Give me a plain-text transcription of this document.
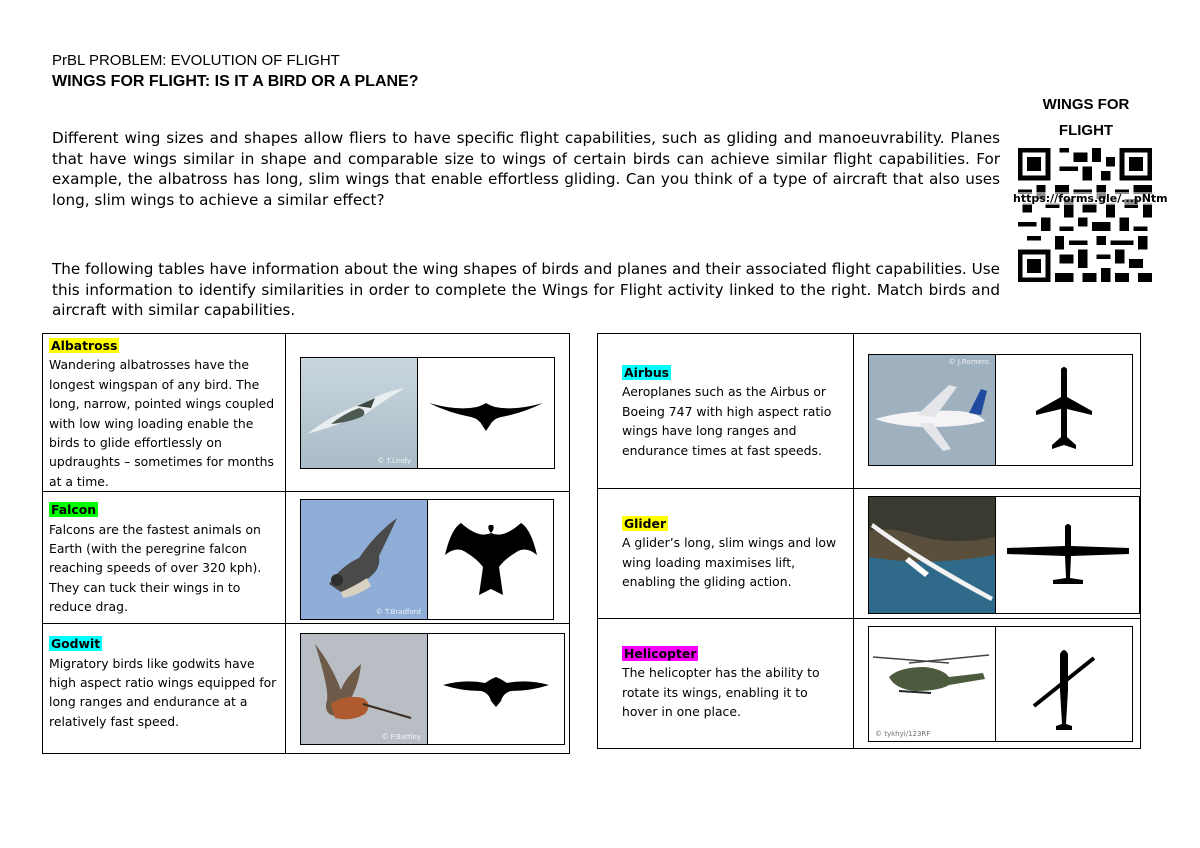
PrBL PROBLEM: EVOLUTION OF FLIGHT
WINGS FOR FLIGHT: IS IT A BIRD OR A PLANE?
Different wing sizes and shapes allow fliers to have specific flight capabilities, such as gliding and manoeuvrability. Planes that have wings similar in shape and comparable size to wings of certain birds can achieve similar flight capabilities. For example, the albatross has long, slim wings that enable effortless gliding. Can you think of a type of aircraft that also uses long, slim wings to achieve a similar effect?
The following tables have information about the wing shapes of birds and planes and their associated flight capabilities. Use this information to identify similarities in order to complete the Wings for Flight activity linked to the right. Match birds and aircraft with similar capabilities.
WINGS FOR FLIGHT
https://forms.gle/...pNtm
Albatross
Wandering albatrosses have the longest wingspan of any bird. The long, narrow, pointed wings coupled with low wing loading enable the birds to glide effortlessly on updraughts – sometimes for months at a time.	© T.Lindy

Falcon
Falcons are the fastest animals on Earth (with the peregrine falcon reaching speeds of over 320 kph). They can tuck their wings in to reduce drag.	© T.Bradford

Godwit
Migratory birds like godwits have high aspect ratio wings equipped for long ranges and endurance at a relatively fast speed.	© P.Battley
Airbus
Aeroplanes such as the Airbus or Boeing 747 with high aspect ratio wings have long ranges and endurance times at fast speeds.	© J.Romero

Glider
A glider’s long, slim wings and low wing loading maximises lift, enabling the gliding action.

Helicopter
The helicopter has the ability to rotate its wings, enabling it to hover in one place.	© tykhyi/123RF
